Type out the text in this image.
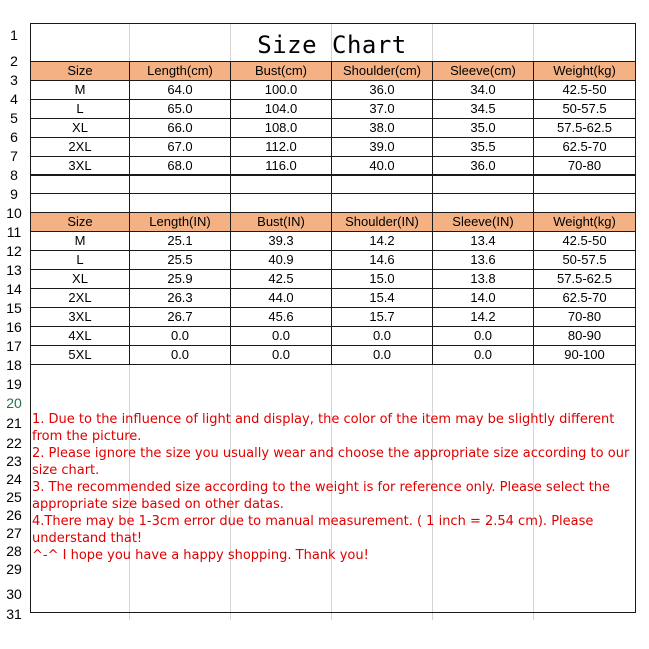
1
2
3
4
5
6
7
8
9
10
11
12
13
14
15
16
17
18
19
20
21
22
23
24
25
26
27
28
29
30
31
Size Chart
Size	Length(cm)	Bust(cm)	Shoulder(cm)	Sleeve(cm)	Weight(kg)
M	64.0	100.0	36.0	34.0	42.5-50
L	65.0	104.0	37.0	34.5	50-57.5
XL	66.0	108.0	38.0	35.0	57.5-62.5
2XL	67.0	112.0	39.0	35.5	62.5-70
3XL	68.0	116.0	40.0	36.0	70-80

Size	Length(IN)	Bust(IN)	Shoulder(IN)	Sleeve(IN)	Weight(kg)
M	25.1	39.3	14.2	13.4	42.5-50
L	25.5	40.9	14.6	13.6	50-57.5
XL	25.9	42.5	15.0	13.8	57.5-62.5
2XL	26.3	44.0	15.4	14.0	62.5-70
3XL	26.7	45.6	15.7	14.2	70-80
4XL	0.0	0.0	0.0	0.0	80-90
5XL	0.0	0.0	0.0	0.0	90-100

1. Due to the influence of light and display, the color of the item may be slightly different from the picture.

2. Please ignore the size you usually wear and choose the appropriate size according to our size chart.

3. The recommended size according to the weight is for reference only. Please select the appropriate size based on other datas.

4.There may be 1-3cm error due to manual measurement. ( 1 inch = 2.54 cm). Please understand that!

^-^ I hope you have a happy shopping. Thank you!
